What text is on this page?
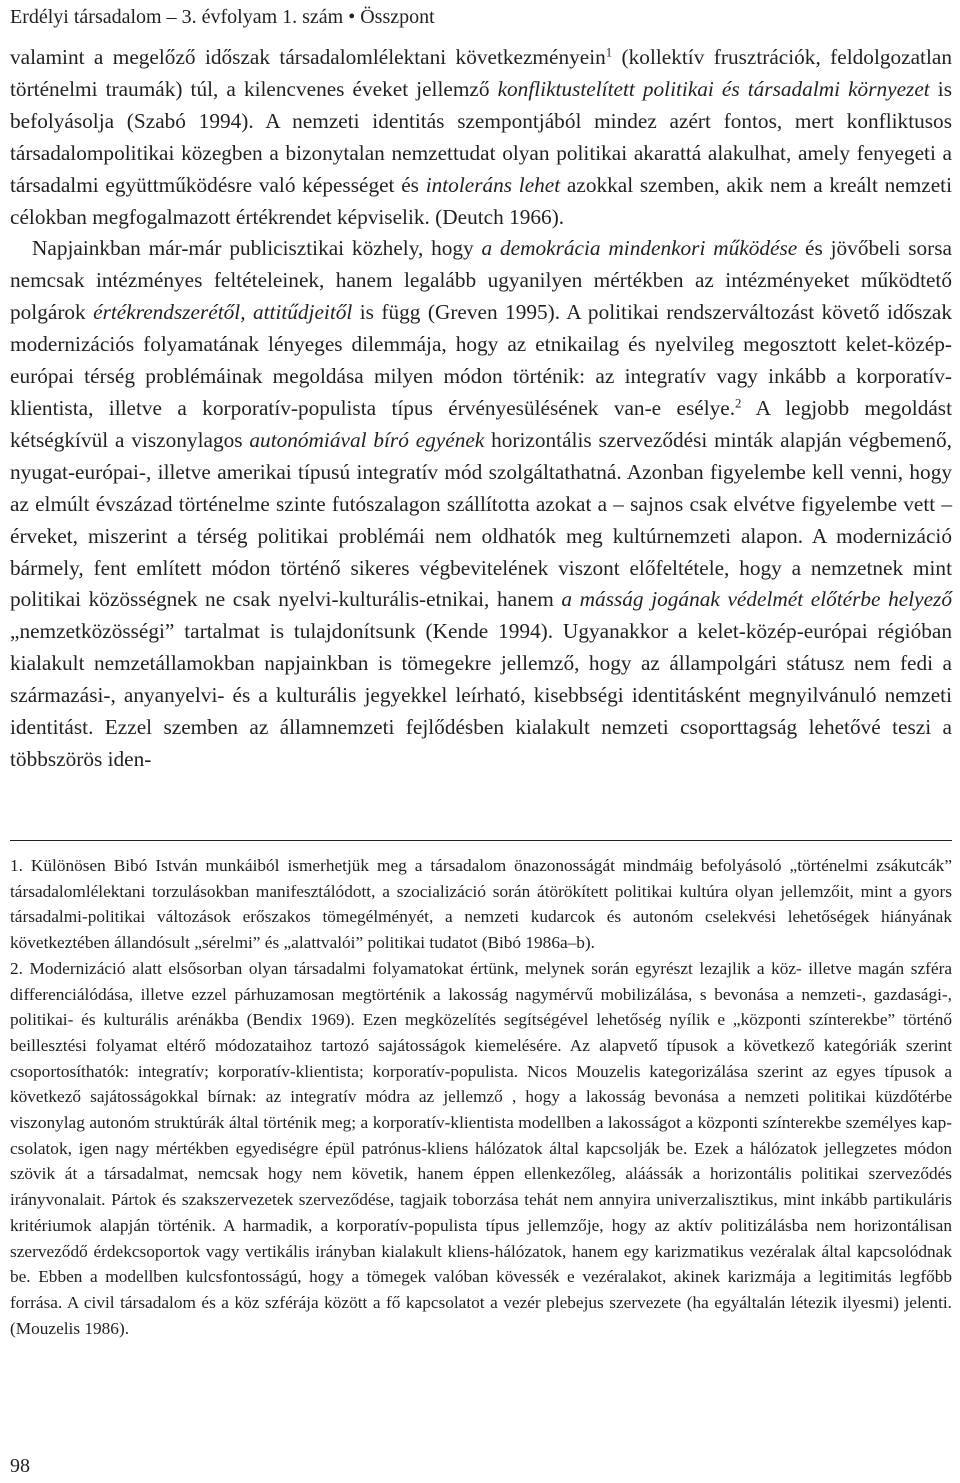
Erdélyi társadalom – 3. évfolyam 1. szám • Összpont

valamint a megelőző időszak társadalomlélektani következményein$^1$ (kollektív frusztrációk, feldolgozatlan történelmi traumák) túl, a kilencvenes éveket jellemző konfliktustelített politikai és társadalmi környezet is befolyásolja (Szabó 1994). A nemzeti identitás szempontjából mindez azért fontos, mert konfliktusos társadalompolitikai közegben a bizonytalan nemzettudat olyan politikai akarattá alakulhat, amely fenyegeti a társadalmi együttműködésre való képességet és intoleráns lehet azokkal szemben, akik nem a kreált nemzeti célokban megfogalmazott értékrendet képviselik. (Deutch 1966).

Napjainkban már-már publicisztikai közhely, hogy a demokrácia mindenkori működése és jövőbeli sorsa nemcsak intézményes feltételeinek, hanem legalább ugyanilyen mértékben az intézményeket működtető polgárok értékrendszerétől, attitűdjeitől is függ (Greven 1995). A politikai rendszerváltozást követő időszak modernizációs folyamatának lényeges dilemmája, hogy az etnikailag és nyelvileg megosztott kelet-közép-európai térség problémáinak megoldása milyen módon történik: az integratív vagy inkább a korporatív-klientista, illetve a korporatív-populista típus érvényesülésének van-e esélye.$^2$ A legjobb megoldást kétségkívül a viszonylagos autonómiával bíró egyének horizontális szerveződési minták alapján végbemenő, nyugat-európai-, illetve amerikai típusú integratív mód szolgáltathatná. Azonban figyelembe kell venni, hogy az elmúlt évszázad történelme szinte futószalagon szállította azokat a – sajnos csak elvétve figyelembe vett – érveket, miszerint a térség politikai problémái nem oldhatók meg kultúrnemzeti alapon. A modernizáció bármely, fent említett módon történő sikeres végbevitelének viszont előfeltétele, hogy a nemzetnek mint politikai közösségnek ne csak nyelvi-kulturális-etnikai, hanem a másság jogának védelmét előtérbe helyező „nemzetközösségi” tartalmat is tulajdonítsunk (Kende 1994). Ugyanakkor a kelet-közép-európai régióban kialakult nemzetállamokban napjainkban is tömegekre jellemző, hogy az állampolgári státusz nem fedi a származási-, anyanyelvi- és a kulturális jegyekkel leírható, kisebbségi identitásként megnyilvánuló nemzeti identitást. Ezzel szemben az államnemzeti fejlődésben kialakult nemzeti csoporttagság lehetővé teszi a többszörös iden-

1. Különösen Bibó István munkáiból ismerhetjük meg a társadalom önazonosságát mindmáig befolyásoló „történelmi zsákutcák” társadalomlélektani torzulásokban manifesztálódott, a szocializáció során átörökített politikai kultúra olyan jellemzőit, mint a gyors társadalmi-politikai változások erőszakos tömegélményét, a nemzeti kudarcok és autonóm cselekvési lehetőségek hiányának következtében állandósult „sérelmi” és „alattvalói” politikai tudatot (Bibó 1986a–b).

2. Modernizáció alatt elsősorban olyan társadalmi folyamatokat értünk, melynek során egyrészt lezajlik a köz- illetve magán szféra differenciálódása, illetve ezzel párhuzamosan megtörténik a lakosság nagymérvű mobilizálása, s bevonása a nemzeti-, gazdasági-, politikai- és kulturális arénákba (Bendix 1969). Ezen megközelítés segítségével lehetőség nyílik e „központi színterekbe” történő beillesztési folyamat eltérő módozataihoz tartozó sajátosságok kiemelésére. Az alapvető típusok a következő kategóriák szerint csoportosíthatók: integratív; korporatív-klientista; korporatív-populista. Nicos Mouzelis kategorizálása szerint az egyes típusok a következő sajátosságokkal bírnak: az integratív módra az jellemző , hogy a lakosság bevonása a nemzeti politikai küzdőtérbe viszonylag autonóm struktúrák által történik meg; a korporatív-klientista modellben a lakosságot a központi színterekbe személyes kapcsolatok, igen nagy mértékben egyediségre épül patrónus-kliens hálózatok által kapcsolják be. Ezek a hálózatok jellegzetes módon szövik át a társadalmat, nemcsak hogy nem követik, hanem éppen ellenkezőleg, aláássák a horizontális politikai szerveződés irányvonalait. Pártok és szakszervezetek szerveződése, tagjaik toborzása tehát nem annyira univerzalisztikus, mint inkább partikuláris kritériumok alapján történik. A harmadik, a korporatív-populista típus jellemzője, hogy az aktív politizálásba nem horizontálisan szerveződő érdekcsoportok vagy vertikális irányban kialakult kliens-hálózatok, hanem egy karizmatikus vezéralak által kapcsolódnak be. Ebben a modellben kulcsfontosságú, hogy a tömegek valóban kövessék e vezéralakot, akinek karizmája a legitimitás legfőbb forrása. A civil társadalom és a köz szférája között a fő kapcsolatot a vezér plebejus szervezete (ha egyáltalán létezik ilyesmi) jelenti. (Mouzelis 1986).

98
